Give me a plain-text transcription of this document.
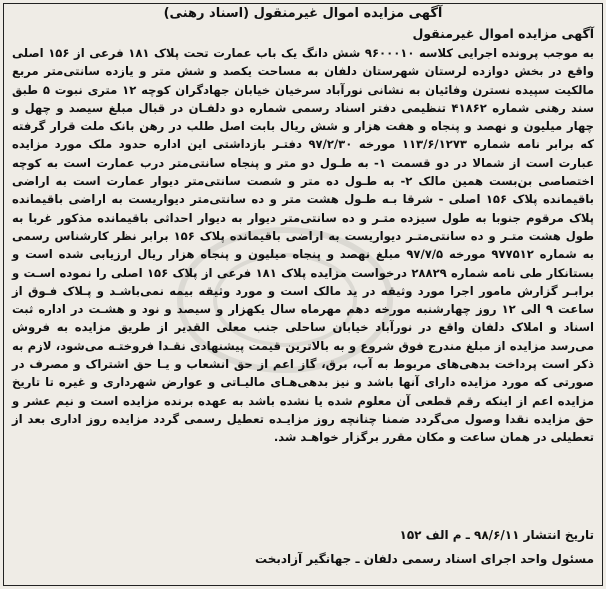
آگهی مزایده اموال غیرمنقول (اسناد رهنی)
آگهی مزایده اموال غیرمنقول
به موجب پرونده اجرایی کلاسه ۹۶۰۰۰۱۰ شش دانگ یک باب عمارت تحت پلاک ۱۸۱ فرعی از ۱۵۶ اصلی واقع در بخش دوازده لرستان شهرستان دلفان به مساحت یکصد و شش متر و یازده سانتی‌متر مربع مالکیت سپیده نسترن وفائیان به نشانی نورآباد سرخیان خیابان جهادگران کوچه ۱۲ متری نبوت ۵ طبق سند رهنی شماره ۴۱۸۶۲ تنظیمی دفتر اسناد رسمی شماره دو دلفـان در قبال مبلغ سیصد و چهل و چهار میلیون و نهصد و پنجاه و هفت هزار و شش ریال بابت اصل طلب در رهن بانک ملت قرار گرفته که برابر نامه شماره ۱۱۳/۶/۱۲۷۳ مورخه ۹۷/۲/۳۰ دفتـر بازداشتی این اداره حدود ملک مورد مزایده عبارت است از شمالا در دو قسمت ۱- به طـول دو متر و پنجاه سانتی‌متر درب عمارت است به کوچه اختصاصی بن‌بست همین مالک ۲- به طـول ده متر و شصت سانتی‌متر دیوار عمارت است به اراضی باقیمانده پلاک ۱۵۶ اصلی - شرقا بـه طـول هشت متر و ده سانتی‌متر دیواریست به اراضی باقیمانده پلاک مرقوم جنوبا به طول سیزده متـر و ده سانتی‌متر دیوار به دیوار احداثی باقیمانده مذکور غربا به طول هشت متـر و ده سانتی‌متـر دیواریست به اراضی باقیمانده پلاک ۱۵۶ برابر نظر کارشناس رسمی به شماره ۹۷۷۵۱۲ مورخه ۹۷/۷/۵ مبلغ نهصد و پنجاه میلیون و پنجاه هزار ریال ارزیابی شده است و بستانکار طی نامه شماره ۲۸۸۲۹ درخواست مزایده پلاک ۱۸۱ فرعی از پلاک ۱۵۶ اصلی را نموده اسـت و برابـر گزارش مامور اجرا مورد وثیقه در ید مالک است و مورد وثیقه بیمه نمی‌باشـد و پـلاک فـوق از ساعت ۹ الی ۱۲ روز چهارشنبه مورخه دهم مهرماه سال یکهزار و سیصد و نود و هشـت در اداره ثبت اسناد و املاک دلفان واقع در نورآباد خیابان ساحلی جنب معلی القدیر از طریق مزایده به فروش می‌رسد مزایده از مبلغ مندرج فوق شروع و به بالاترین قیمت پیشنهادی نقـدا فروختـه می‌شود، لازم به ذکر است پرداخت بدهی‌های مربوط به آب، برق، گاز اعم از حق انشعاب و یـا حق اشتراک و مصرف در صورتی که مورد مزایده دارای آنها باشد و نیز بدهی‌هـای مالیـاتی و عوارض شهرداری و غیره تا تاریخ مزایده اعم از اینکه رقم قطعی آن معلوم شده یا نشده باشد به عهده برنده مزایده است و نیم عشر و حق مزایده نقدا وصول می‌گردد ضمنا چنانچه روز مزایـده تعطیل رسمی گردد مزایده روز اداری بعد از تعطیلی در همان ساعت و مکان مقرر برگزار خواهـد شد.
تاریخ انتشار ۹۸/۶/۱۱ ـ م الف ۱۵۲
مسئول واحد اجرای اسناد رسمی دلفان ـ جهانگیر آزادبخت
